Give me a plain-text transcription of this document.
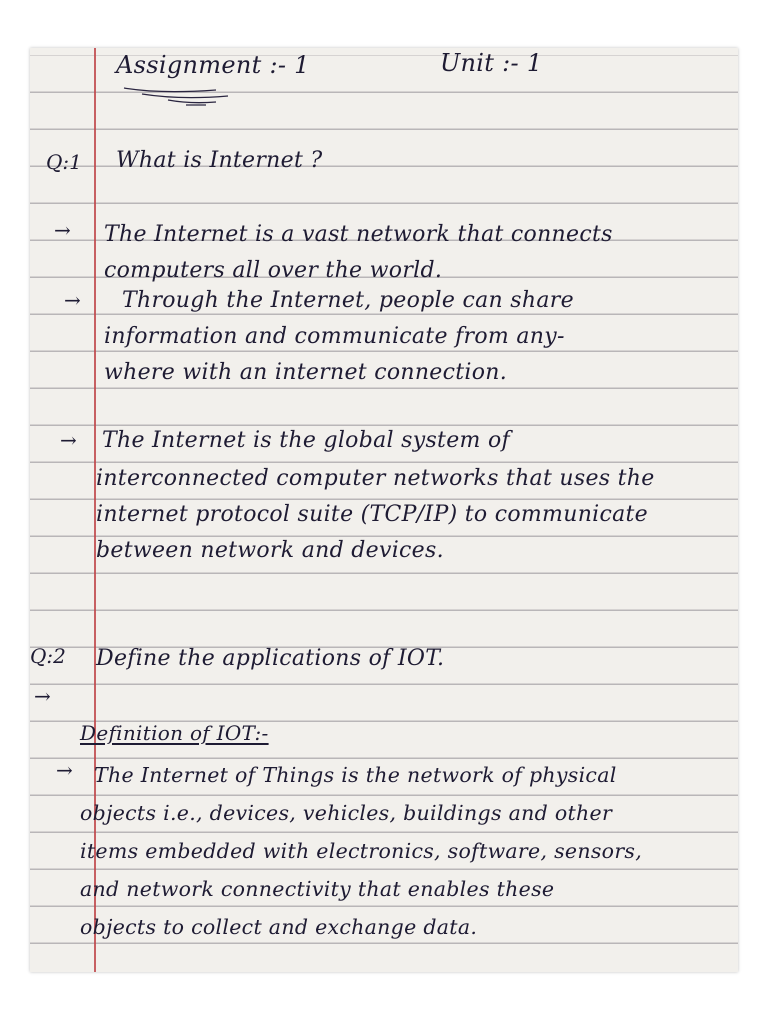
Assignment :- 1	Unit :- 1
Q:1 What is Internet ?
→ The Internet is a vast network that connects
computers all over the world.
→ Through the Internet, people can share
information and communicate from any-
where with an internet connection.
→ The Internet is the global system of
interconnected computer networks that uses the
internet protocol suite (TCP/IP) to communicate
between network and devices.
Q:2 Define the applications of IOT.
→
Definition of IOT:-
→ The Internet of Things is the network of physical
objects i.e., devices, vehicles, buildings and other
items embedded with electronics, software, sensors,
and network connectivity that enables these
objects to collect and exchange data.
